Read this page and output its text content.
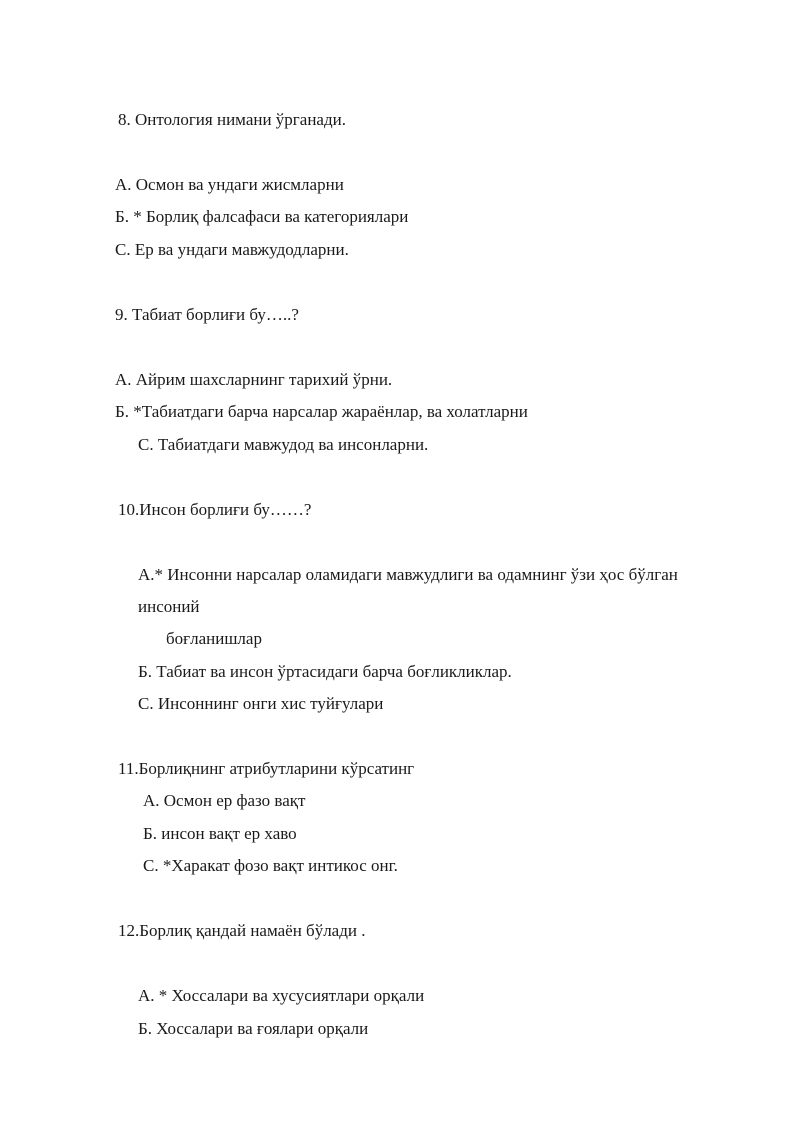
8. Онтология нимани ўрганади.
А. Осмон ва ундаги жисмларни
Б. * Борлиқ фалсафаси ва категориялари
С. Ер ва ундаги мавжудодларни.
9. Табиат борлиғи бу…..?
А. Айрим шахсларнинг тарихий ўрни.
Б. *Табиатдаги барча нарсалар жараёнлар, ва холатларни
С. Табиатдаги мавжудод ва инсонларни.
10.Инсон борлиғи бу……?
А.* Инсонни нарсалар оламидаги мавжудлиги ва одамнинг ўзи ҳос бўлган
инсоний
боғланишлар
Б. Табиат ва инсон ўртасидаги барча боғликликлар.
С. Инсоннинг онги хис туйғулари
11.Борлиқнинг атрибутларини кўрсатинг
А. Осмон ер фазо вақт
Б. инсон вақт ер хаво
С. *Харакат фозо вақт интикос онг.
12.Борлиқ қандай намаён бўлади .
А. * Хоссалари ва хусусиятлари орқали
Б. Хоссалари ва ғоялари орқали
